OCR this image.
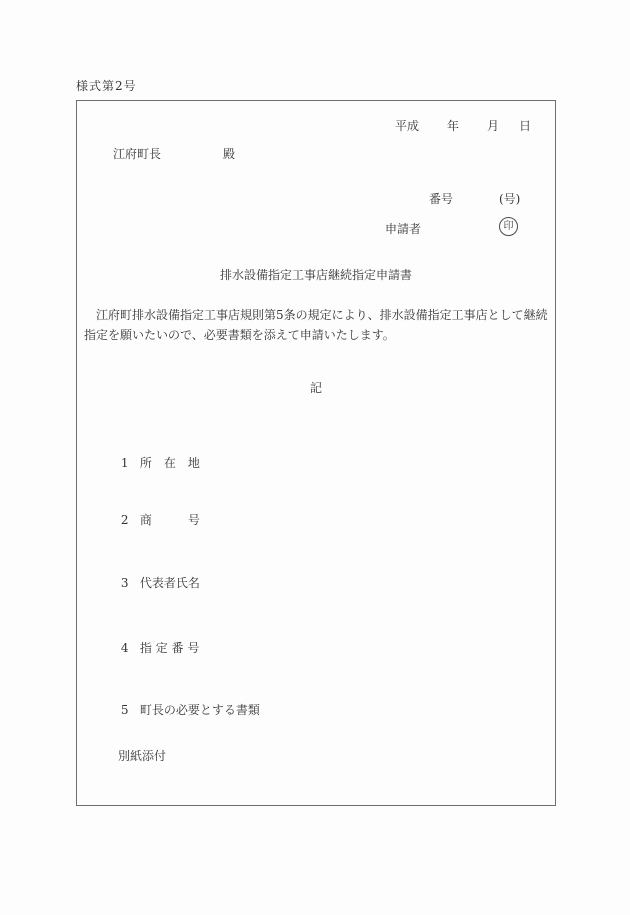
様式第2号
平成 年 月 日
江府町長	殿
番号	(号)
申請者	印
排水設備指定工事店継続指定申請書
　江府町排水設備指定工事店規則第5条の規定により、排水設備指定工事店として継続
指定を願いたいので、必要書類を添えて申請いたします。
記

1 所　在　地

2 商　　　号

3 代表者氏名

4 指 定 番 号

5 町長の必要とする書類

別紙添付
